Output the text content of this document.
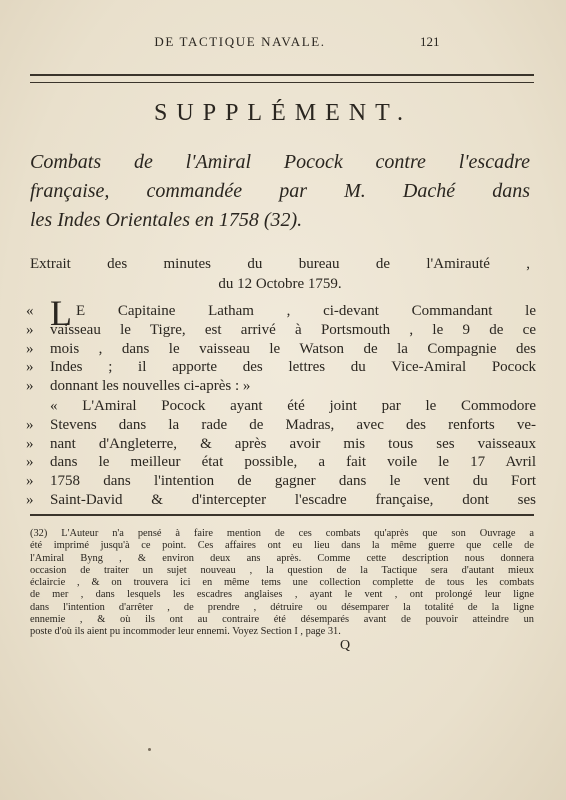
DE TACTIQUE NAVALE.	121
SUPPLÉMENT.
Combats de l'Amiral Pocock contre l'escadre
française, commandée par M. Daché dans
les Indes Orientales en 1758 (32).
Extrait des minutes du bureau de l'Amirauté ,
du 12 Octobre 1759.
« L E Capitaine Latham , ci-devant Commandant le
»	vaisseau le Tigre, est arrivé à Portsmouth , le 9 de ce
»	mois , dans le vaisseau le Watson de la Compagnie des
»	Indes ; il apporte des lettres du Vice-Amiral Pocock
»	donnant les nouvelles ci-après : »
« L'Amiral Pocock ayant été joint par le Commodore
»	Stevens dans la rade de Madras, avec des renforts ve-
»	nant d'Angleterre, & après avoir mis tous ses vaisseaux
»	dans le meilleur état possible, a fait voile le 17 Avril
»	1758 dans l'intention de gagner dans le vent du Fort
»	Saint-David & d'intercepter l'escadre française, dont ses
(32) L'Auteur n'a pensé à faire mention de ces combats qu'après que son Ouvrage a
été imprimé jusqu'à ce point. Ces affaires ont eu lieu dans la même guerre que celle de
l'Amiral Byng , & environ deux ans après. Comme cette description nous donnera
occasion de traiter un sujet nouveau , la question de la Tactique sera d'autant mieux
éclaircie , & on trouvera ici en même tems une collection complette de tous les combats
de mer , dans lesquels les escadres anglaises , ayant le vent , ont prolongé leur ligne
dans l'intention d'arrêter , de prendre , détruire ou désemparer la totalité de la ligne
ennemie , & où ils ont au contraire été désemparés avant de pouvoir atteindre un
poste d'où ils aient pu incommoder leur ennemi. Voyez Section I , page 31.
Q
